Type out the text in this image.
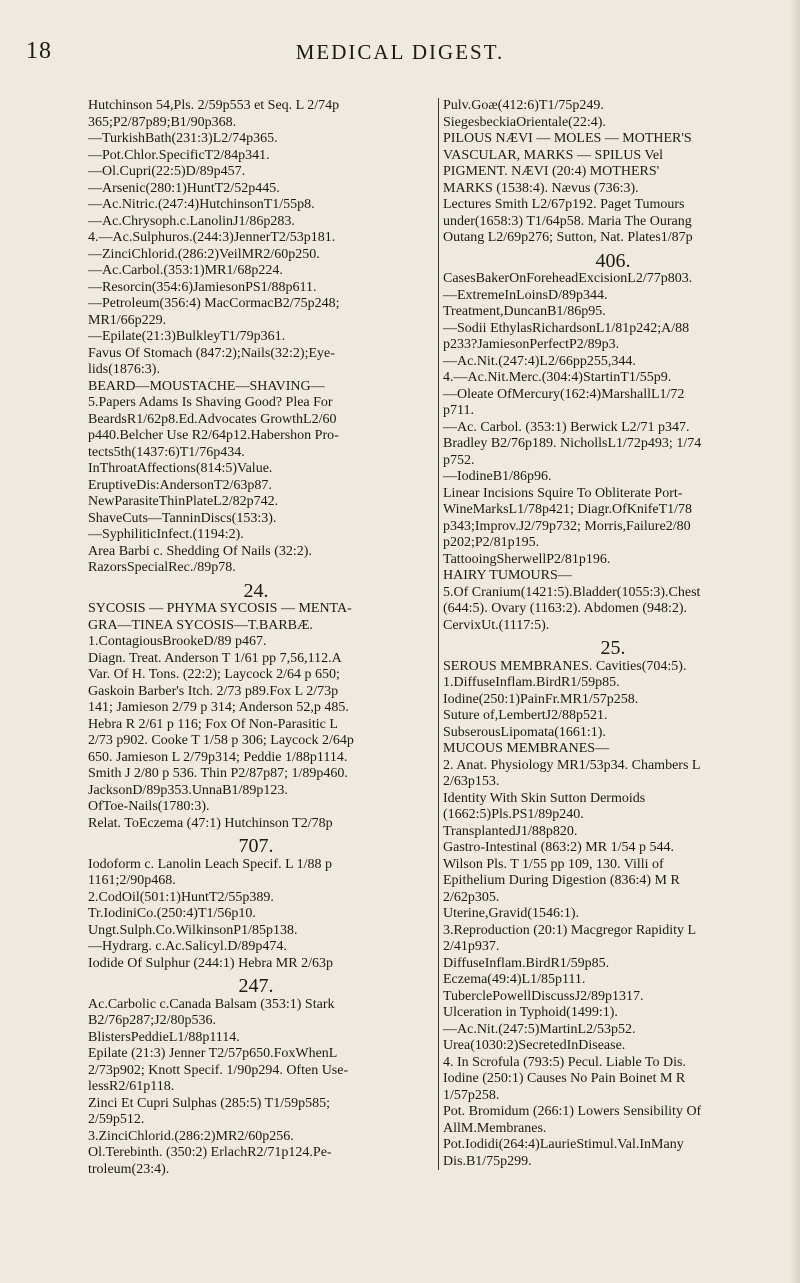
18	MEDICAL DIGEST.

Hutchinson 54,Pls. 2/59p553 et Seq. L 2/74p

365;P2/87p89;B1/90p368.

—TurkishBath(231:3)L2/74p365.

—Pot.Chlor.SpecificT2/84p341.

—Ol.Cupri(22:5)D/89p457.

—Arsenic(280:1)HuntT2/52p445.

—Ac.Nitric.(247:4)HutchinsonT1/55p8.

—Ac.Chrysoph.c.LanolinJ1/86p283.

4.—Ac.Sulphuros.(244:3)JennerT2/53p181.

—ZinciChlorid.(286:2)VeilMR2/60p250.

—Ac.Carbol.(353:1)MR1/68p224.

—Resorcin(354:6)JamiesonPS1/88p611.

—Petroleum(356:4) MacCormacB2/75p248;

MR1/66p229.

—Epilate(21:3)BulkleyT1/79p361.

Favus Of Stomach (847:2);Nails(32:2);Eye-

lids(1876:3).

BEARD—MOUSTACHE—SHAVING—

5.Papers Adams Is Shaving Good? Plea For

BeardsR1/62p8.Ed.Advocates GrowthL2/60

p440.Belcher Use R2/64p12.Habershon Pro-

tects5th(1437:6)T1/76p434.

InThroatAffections(814:5)Value.

EruptiveDis:AndersonT2/63p87.

NewParasiteThinPlateL2/82p742.

ShaveCuts—TanninDiscs(153:3).

—SyphiliticInfect.(1194:2).

Area Barbi c. Shedding Of Nails (32:2).

RazorsSpecialRec./89p78.

24.

SYCOSIS — PHYMA SYCOSIS — MENTA-

GRA—TINEA SYCOSIS—T.BARBÆ.

1.ContagiousBrookeD/89 p467.

Diagn. Treat. Anderson T 1/61 pp 7,56,112.A

Var. Of H. Tons. (22:2); Laycock 2/64 p 650;

Gaskoin Barber's Itch. 2/73 p89.Fox L 2/73p

141; Jamieson 2/79 p 314; Anderson 52,p 485.

Hebra R 2/61 p 116; Fox Of Non-Parasitic L

2/73 p902. Cooke T 1/58 p 306; Laycock 2/64p

650. Jamieson L 2/79p314; Peddie 1/88p1114.

Smith J 2/80 p 536. Thin P2/87p87; 1/89p460.

JacksonD/89p353.UnnaB1/89p123.

OfToe-Nails(1780:3).

Relat. ToEczema (47:1) Hutchinson T2/78p

707.

Iodoform c. Lanolin Leach Specif. L 1/88 p

1161;2/90p468.

2.CodOil(501:1)HuntT2/55p389.

Tr.IodiniCo.(250:4)T1/56p10.

Ungt.Sulph.Co.WilkinsonP1/85p138.

—Hydrarg. c.Ac.Salicyl.D/89p474.

Iodide Of Sulphur (244:1) Hebra MR 2/63p

247.

Ac.Carbolic c.Canada Balsam (353:1) Stark

B2/76p287;J2/80p536.

BlistersPeddieL1/88p1114.

Epilate (21:3) Jenner T2/57p650.FoxWhenL

2/73p902; Knott Specif. 1/90p294. Often Use-

lessR2/61p118.

Zinci Et Cupri Sulphas (285:5) T1/59p585;

2/59p512.

3.ZinciChlorid.(286:2)MR2/60p256.

Ol.Terebinth. (350:2) ErlachR2/71p124.Pe-

troleum(23:4).

Pulv.Goæ(412:6)T1/75p249.

SiegesbeckiaOrientale(22:4).

PILOUS NÆVI — MOLES — MOTHER'S

VASCULAR, MARKS — SPILUS Vel

PIGMENT. NÆVI (20:4) MOTHERS'

MARKS (1538:4). Nævus (736:3).

Lectures Smith L2/67p192. Paget Tumours

under(1658:3) T1/64p58. Maria The Ourang

Outang L2/69p276; Sutton, Nat. Plates1/87p

406.

CasesBakerOnForeheadExcisionL2/77p803.

—ExtremeInLoinsD/89p344.

Treatment,DuncanB1/86p95.

—Sodii EthylasRichardsonL1/81p242;A/88

p233?JamiesonPerfectP2/89p3.

—Ac.Nit.(247:4)L2/66pp255,344.

4.—Ac.Nit.Merc.(304:4)StartinT1/55p9.

—Oleate OfMercury(162:4)MarshallL1/72

p711.

—Ac. Carbol. (353:1) Berwick L2/71 p347.

Bradley B2/76p189. NichollsL1/72p493; 1/74

p752.

—IodineB1/86p96.

Linear Incisions Squire To Obliterate Port-

WineMarksL1/78p421; Diagr.OfKnifeT1/78

p343;Improv.J2/79p732; Morris,Failure2/80

p202;P2/81p195.

TattooingSherwellP2/81p196.

HAIRY TUMOURS—

5.Of Cranium(1421:5).Bladder(1055:3).Chest

(644:5). Ovary (1163:2). Abdomen (948:2).

CervixUt.(1117:5).

25.

SEROUS MEMBRANES. Cavities(704:5).

1.DiffuseInflam.BirdR1/59p85.

Iodine(250:1)PainFr.MR1/57p258.

Suture of,LembertJ2/88p521.

SubserousLipomata(1661:1).

MUCOUS MEMBRANES—

2. Anat. Physiology MR1/53p34. Chambers L

2/63p153.

Identity With Skin Sutton Dermoids

(1662:5)Pls.PS1/89p240.

TransplantedJ1/88p820.

Gastro-Intestinal (863:2) MR 1/54 p 544.

Wilson Pls. T 1/55 pp 109, 130. Villi of

Epithelium During Digestion (836:4) M R

2/62p305.

Uterine,Gravid(1546:1).

3.Reproduction (20:1) Macgregor Rapidity L

2/41p937.

DiffuseInflam.BirdR1/59p85.

Eczema(49:4)L1/85p111.

TuberclePowellDiscussJ2/89p1317.

Ulceration in Typhoid(1499:1).

—Ac.Nit.(247:5)MartinL2/53p52.

Urea(1030:2)SecretedInDisease.

4. In Scrofula (793:5) Pecul. Liable To Dis.

Iodine (250:1) Causes No Pain Boinet M R

1/57p258.

Pot. Bromidum (266:1) Lowers Sensibility Of

AllM.Membranes.

Pot.Iodidi(264:4)LaurieStimul.Val.InMany

Dis.B1/75p299.
